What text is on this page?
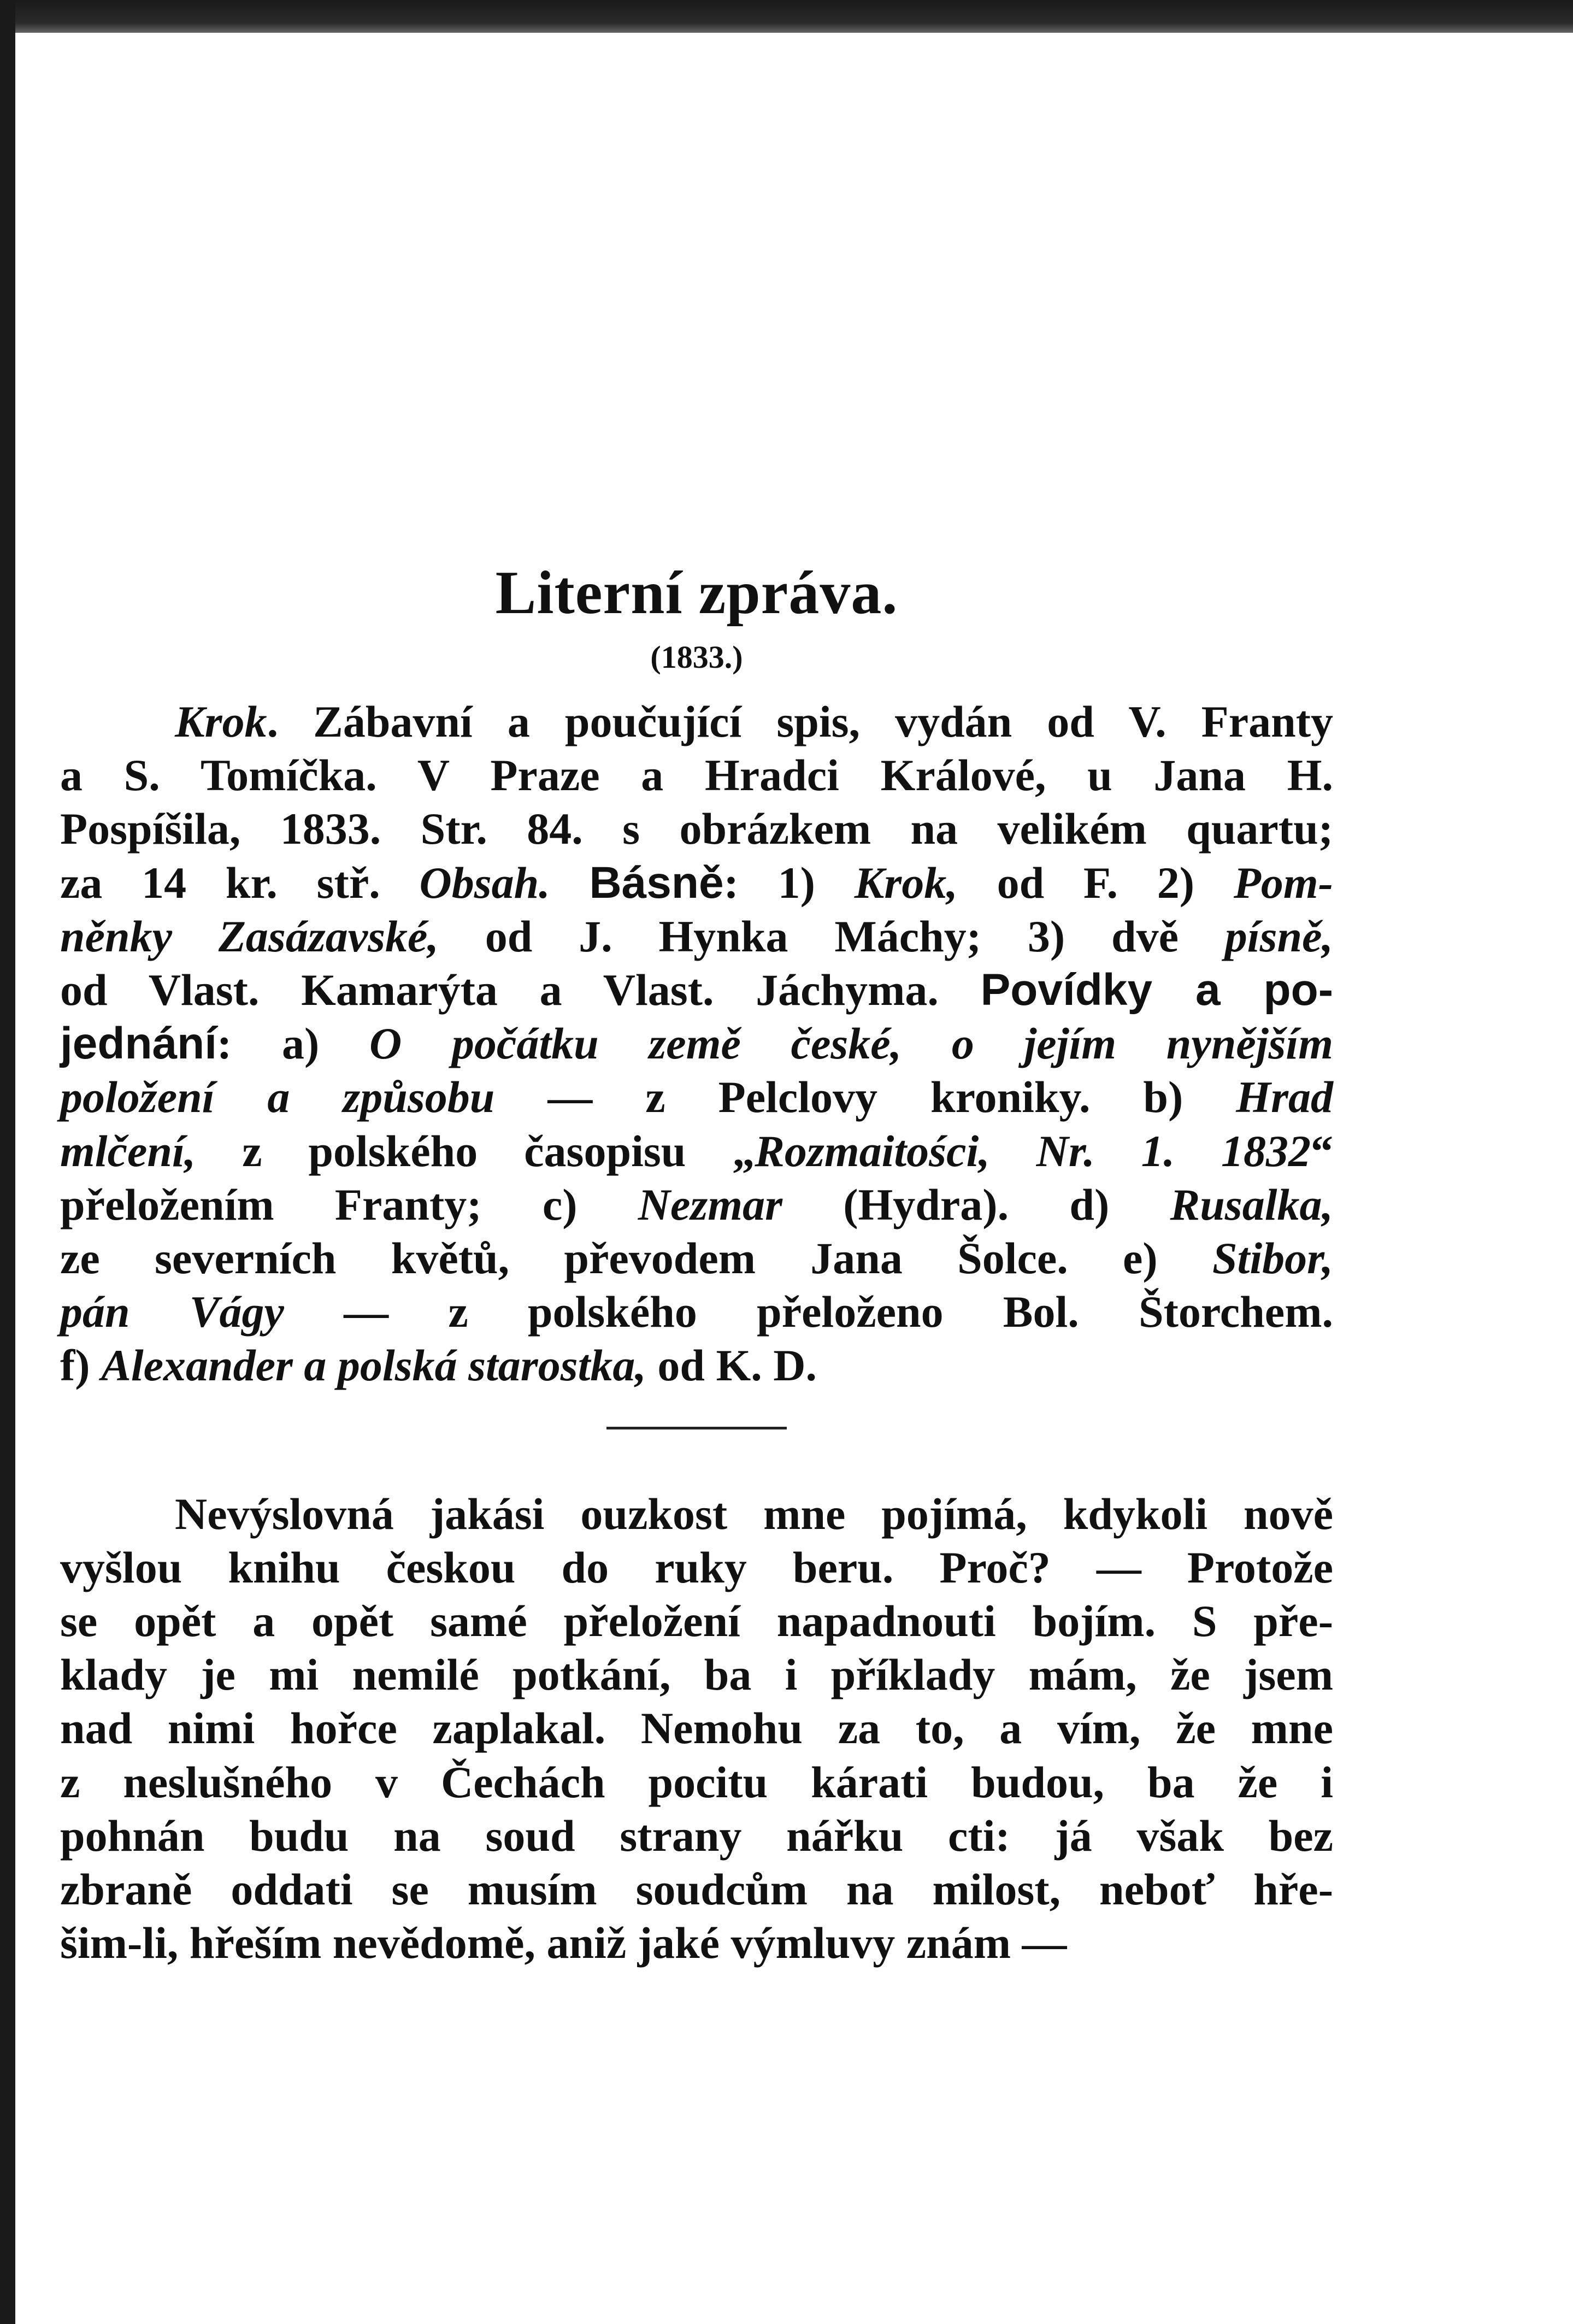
Literní zpráva.
(1833.)
Krok. Zábavní a poučující spis, vydán od V. Franty
a S. Tomíčka. V Praze a Hradci Králové, u Jana H.
Pospíšila, 1833. Str. 84. s obrázkem na velikém quartu;
za 14 kr. stř. Obsah. Básně: 1) Krok, od F. 2) Pom-
něnky Zasázavské, od J. Hynka Máchy; 3) dvě písně,
od Vlast. Kamarýta a Vlast. Jáchyma. Povídky a po-
jednání: a) O počátku země české, o jejím nynějším
položení a způsobu — z Pelclovy kroniky. b) Hrad
mlčení, z polského časopisu „Rozmaitości, Nr. 1. 1832“
přeložením Franty; c) Nezmar (Hydra). d) Rusalka,
ze severních květů, převodem Jana Šolce. e) Stibor,
pán Vágy — z polského přeloženo Bol. Štorchem.
f) Alexander a polská starostka, od K. D.
Nevýslovná jakási ouzkost mne pojímá, kdykoli nově
vyšlou knihu českou do ruky beru. Proč? — Protože
se opět a opět samé přeložení napadnouti bojím. S pře-
klady je mi nemilé potkání, ba i příklady mám, že jsem
nad nimi hořce zaplakal. Nemohu za to, a vím, že mne
z neslušného v Čechách pocitu kárati budou, ba že i
pohnán budu na soud strany nářku cti: já však bez
zbraně oddati se musím soudcům na milost, neboť hře-
šim-li, hřeším nevědomě, aniž jaké výmluvy znám —
